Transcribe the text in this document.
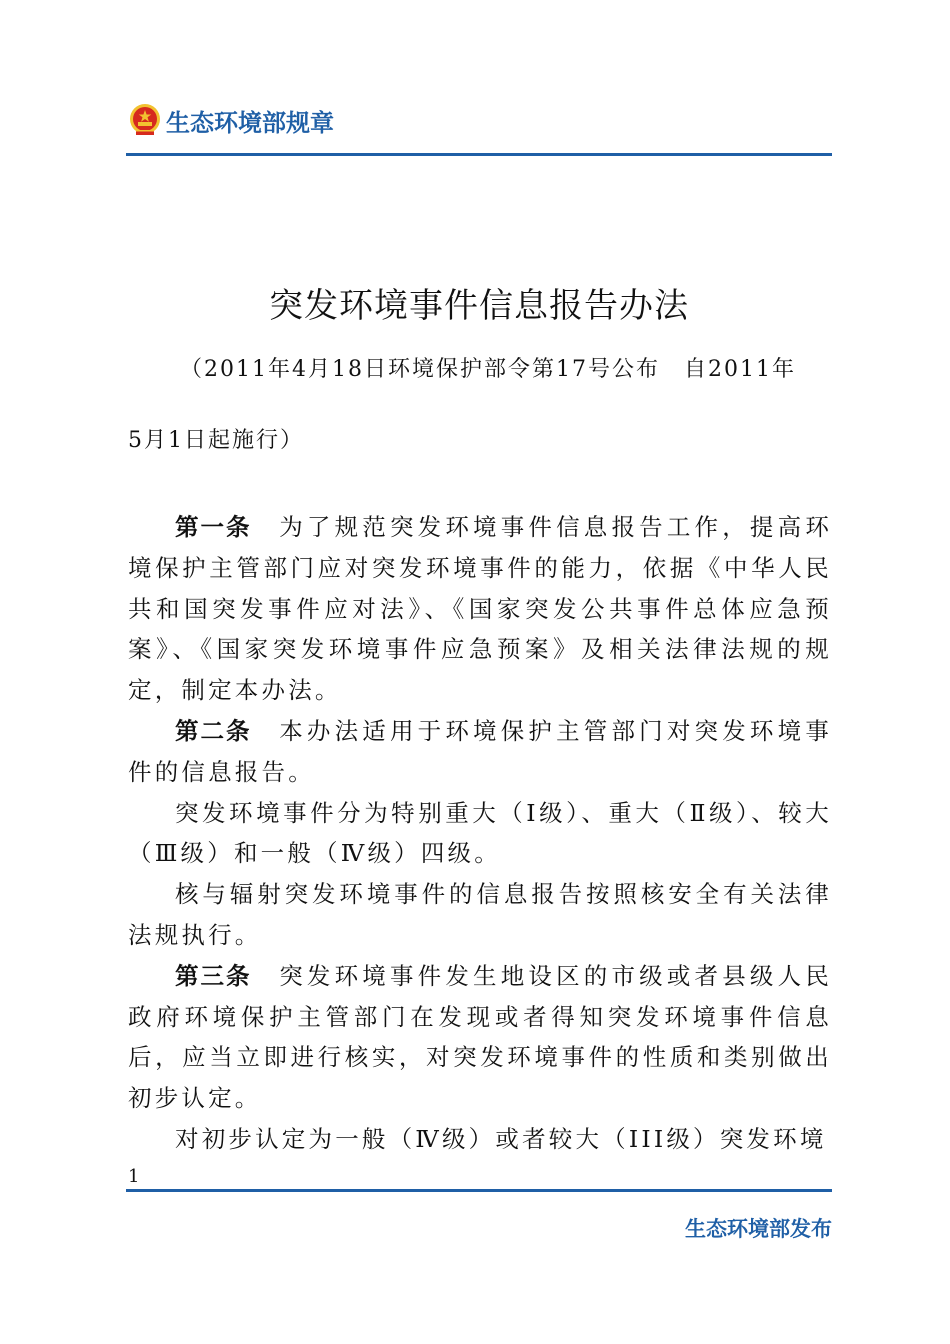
生态环境部规章
突发环境事件信息报告办法
（2011年4月18日环境保护部令第17号公布　自2011年
5月1日起施行）

第一条　 为了规范突发环境事件信息报告工作，提高环境保护主管部门应对突发环境事件的能力，依据《中华人民共和国突发事件应对法》、《国家突发公共事件总体应急预案》、《国家突发环境事件应急预案》及相关法律法规的规定，制定本办法。

第二条　 本办法适用于环境保护主管部门对突发环境事件的信息报告。

突发环境事件分为特别重大（Ⅰ级）、重大（Ⅱ级）、较大（Ⅲ级）和一般（Ⅳ级）四级。

核与辐射突发环境事件的信息报告按照核安全有关法律法规执行。

第三条　 突发环境事件发生地设区的市级或者县级人民政府环境保护主管部门在发现或者得知突发环境事件信息后，应当立即进行核实，对突发环境事件的性质和类别做出初步认定。

对初步认定为一般（Ⅳ级）或者较大（III级）突发环境

1
生态环境部发布
